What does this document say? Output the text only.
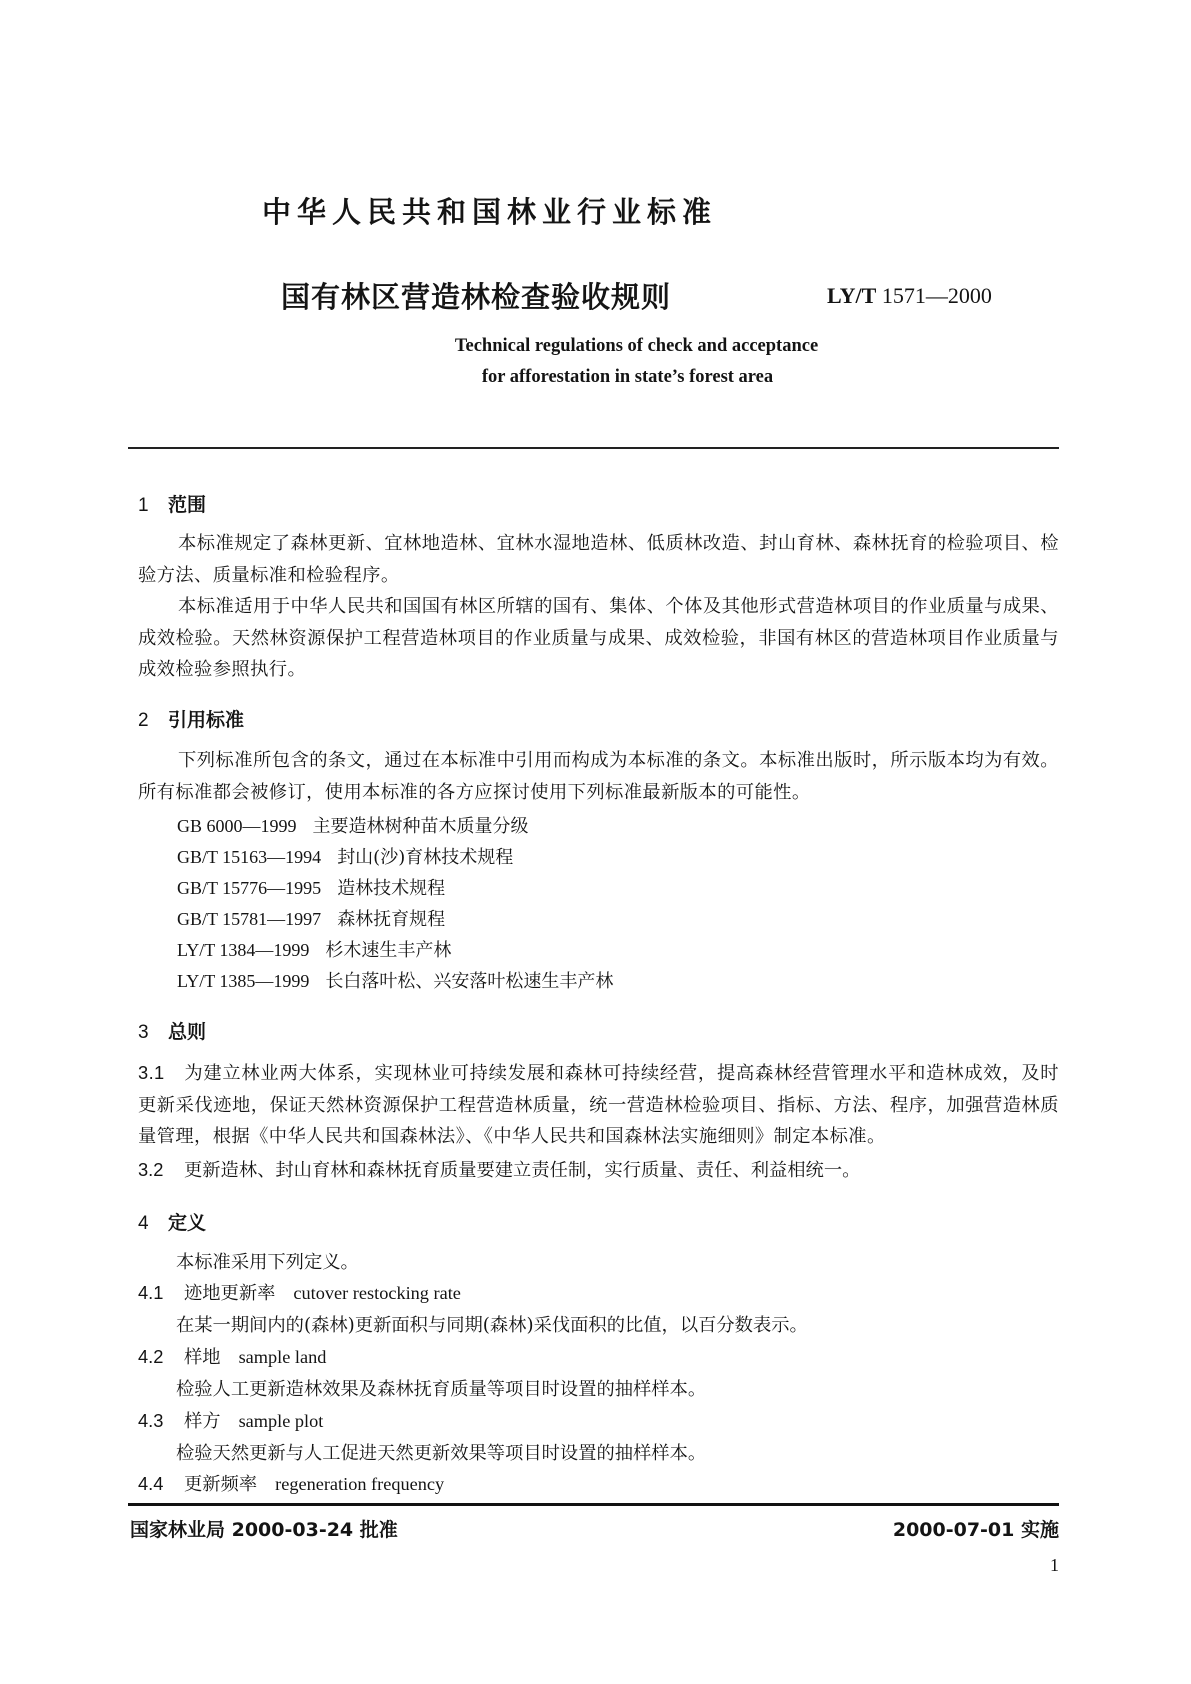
中华人民共和国林业行业标准
国有林区营造林检查验收规则	LY/T 1571—2000
Technical regulations of check and acceptance
for afforestation in state’s forest area
1 范围
本标准规定了森林更新、宜林地造林、宜林水湿地造林、低质林改造、封山育林、森林抚育的检验项目、检验方法、质量标准和检验程序。
本标准适用于中华人民共和国国有林区所辖的国有、集体、个体及其他形式营造林项目的作业质量与成果、成效检验。天然林资源保护工程营造林项目的作业质量与成果、成效检验，非国有林区的营造林项目作业质量与成效检验参照执行。
2 引用标准
下列标准所包含的条文，通过在本标准中引用而构成为本标准的条文。本标准出版时，所示版本均为有效。所有标准都会被修订，使用本标准的各方应探讨使用下列标准最新版本的可能性。
GB 6000—1999 主要造林树种苗木质量分级
GB/T 15163—1994 封山(沙)育林技术规程
GB/T 15776—1995 造林技术规程
GB/T 15781—1997 森林抚育规程
LY/T 1384—1999 杉木速生丰产林
LY/T 1385—1999 长白落叶松、兴安落叶松速生丰产林
3 总则
3.1 为建立林业两大体系，实现林业可持续发展和森林可持续经营，提高森林经营管理水平和造林成效，及时更新采伐迹地，保证天然林资源保护工程营造林质量，统一营造林检验项目、指标、方法、程序，加强营造林质量管理，根据《中华人民共和国森林法》、《中华人民共和国森林法实施细则》制定本标准。
3.2 更新造林、封山育林和森林抚育质量要建立责任制，实行质量、责任、利益相统一。
4 定义
本标准采用下列定义。
4.1 迹地更新率 cutover restocking rate
在某一期间内的(森林)更新面积与同期(森林)采伐面积的比值，以百分数表示。
4.2 样地 sample land
检验人工更新造林效果及森林抚育质量等项目时设置的抽样样本。
4.3 样方 sample plot
检验天然更新与人工促进天然更新效果等项目时设置的抽样样本。
4.4 更新频率 regeneration frequency
国家林业局 2000-03-24 批准	2000-07-01 实施
1
